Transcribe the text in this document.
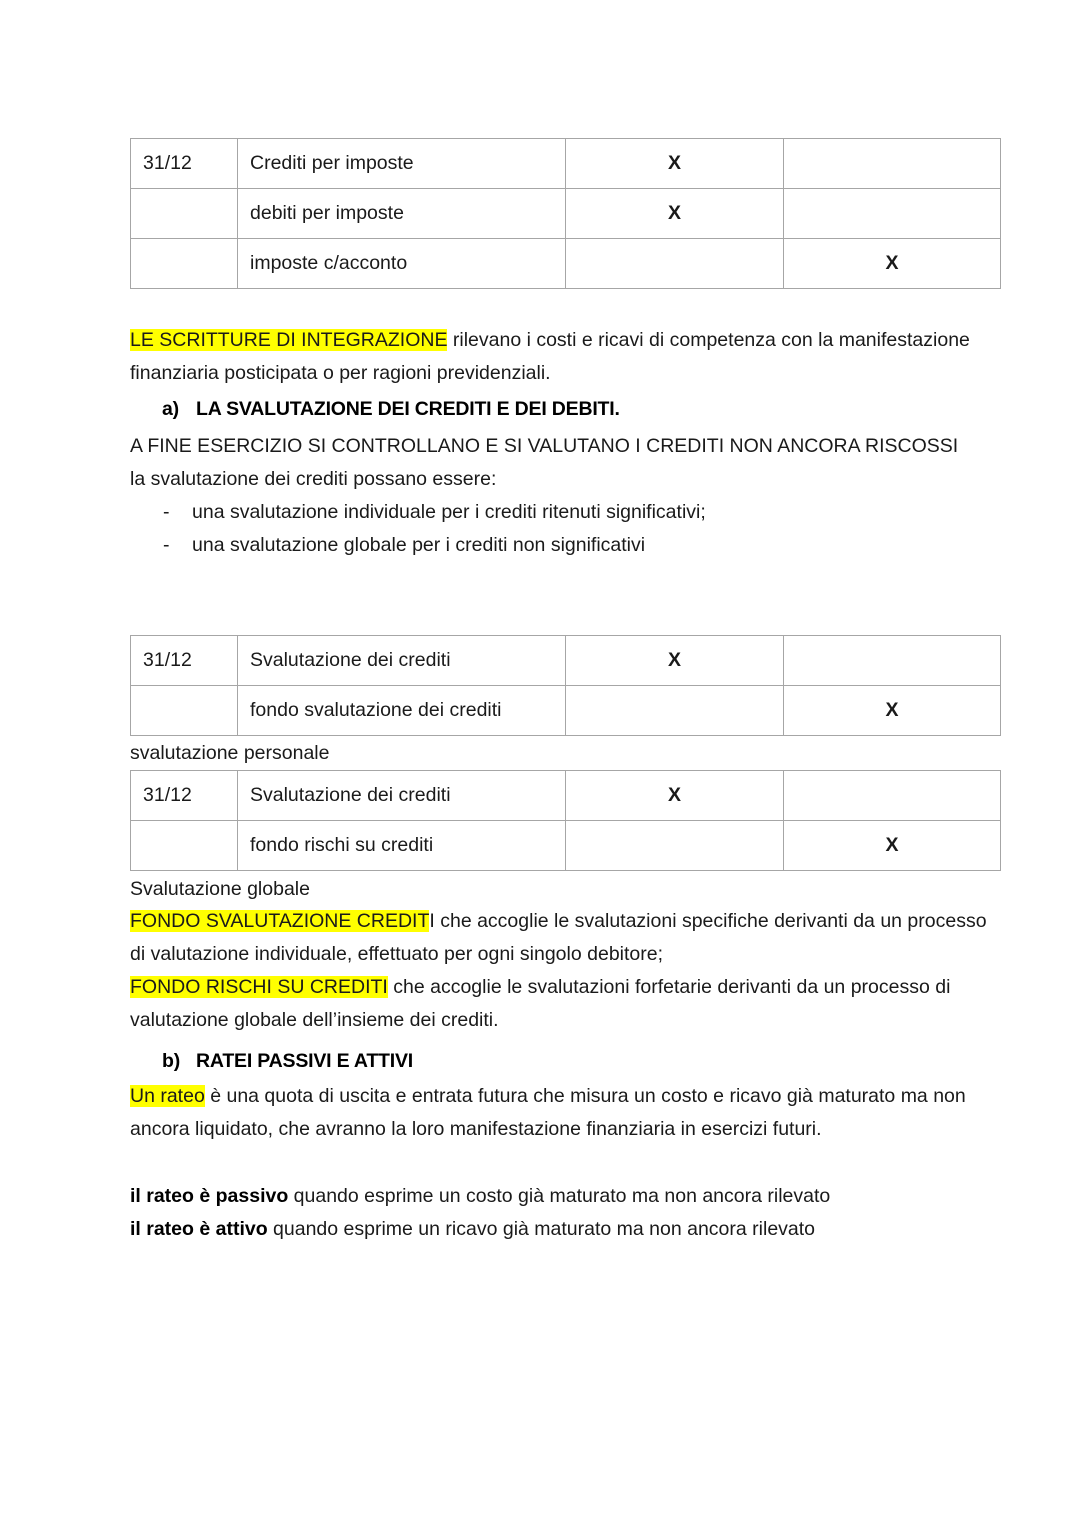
31/12	Crediti per imposte	X	
	debiti per imposte	X	
	imposte c/acconto		X

LE SCRITTURE DI INTEGRAZIONE rilevano i costi e ricavi di competenza con la manifestazione finanziaria posticipata o per ragioni previdenziali.

a) LA SVALUTAZIONE DEI CREDITI E DEI DEBITI.

A FINE ESERCIZIO SI CONTROLLANO E SI VALUTANO I CREDITI NON ANCORA RISCOSSI

la svalutazione dei crediti possano essere:

- una svalutazione individuale per i crediti ritenuti significativi;
- una svalutazione globale per i crediti non significativi
31/12	Svalutazione dei crediti	X	
	fondo svalutazione dei crediti		X

svalutazione personale

31/12	Svalutazione dei crediti	X	
	fondo rischi su crediti		X

Svalutazione globale

FONDO SVALUTAZIONE CREDITI che accoglie le svalutazioni specifiche derivanti da un processo di valutazione individuale, effettuato per ogni singolo debitore;

FONDO RISCHI SU CREDITI che accoglie le svalutazioni forfetarie derivanti da un processo di valutazione globale dell’insieme dei crediti.

b) RATEI PASSIVI E ATTIVI

Un rateo è una quota di uscita e entrata futura che misura un costo e ricavo già maturato ma non ancora liquidato, che avranno la loro manifestazione finanziaria in esercizi futuri.

il rateo è passivo quando esprime un costo già maturato ma non ancora rilevato

il rateo è attivo quando esprime un ricavo già maturato ma non ancora rilevato
